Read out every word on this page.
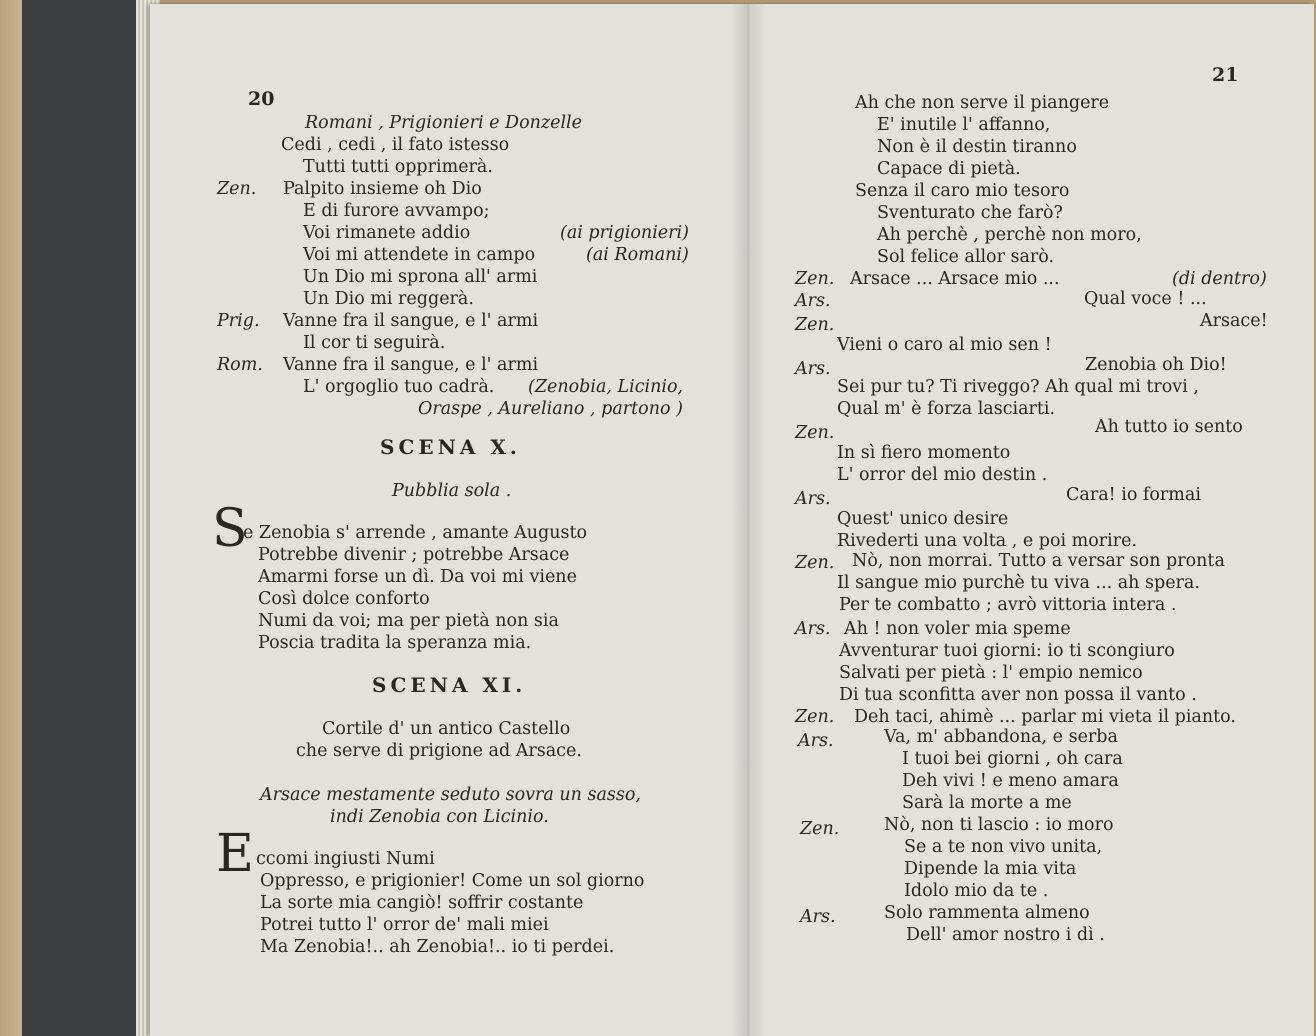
20
Romani , Prigionieri e Donzelle
Cedi , cedi , il fato istesso
Tutti tutti opprimerà.
Zen. Palpito insieme oh Dio
E di furore avvampo;
Voi rimanete addio	(ai prigionieri)
Voi mi attendete in campo	(ai Romani)
Un Dio mi sprona all' armi
Un Dio mi reggerà.
Prig. Vanne fra il sangue, e l' armi
Il cor ti seguirà.
Rom. Vanne fra il sangue, e l' armi
L' orgoglio tuo cadrà. (Zenobia, Licinio,
Oraspe , Aureliano , partono )
SCENA X.
Pubblia sola .
S
e Zenobia s' arrende , amante Augusto
Potrebbe divenir ; potrebbe Arsace
Amarmi forse un dì. Da voi mi viene
Così dolce conforto
Numi da voi; ma per pietà non sia
Poscia tradita la speranza mia.
SCENA XI.
Cortile d' un antico Castello
che serve di prigione ad Arsace.
Arsace mestamente seduto sovra un sasso,
indi Zenobia con Licinio.
E ccomi ingiusti Numi
Oppresso, e prigionier! Come un sol giorno
La sorte mia cangiò! soffrir costante
Potrei tutto l' orror de' mali miei
Ma Zenobia!.. ah Zenobia!.. io ti perdei.
21
Ah che non serve il piangere
E' inutile l' affanno,
Non è il destin tiranno
Capace di pietà.
Senza il caro mio tesoro
Sventurato che farò?
Ah perchè , perchè non moro,
Sol felice allor sarò.
Zen. Arsace ... Arsace mio ...	(di dentro)
Ars.	Qual voce ! ...
Zen.	Arsace!
Vieni o caro al mio sen !
Ars.	Zenobia oh Dio!
Sei pur tu? Ti riveggo? Ah qual mi trovi ,
Qual m' è forza lasciarti.
Zen.	Ah tutto io sento
In sì fiero momento
L' orror del mio destin .
Ars.	Cara! io formai
Quest' unico desire
Rivederti una volta , e poi morire.
Zen. Nò, non morrai. Tutto a versar son pronta
Il sangue mio purchè tu viva ... ah spera.
Per te combatto ; avrò vittoria intera .
Ars. Ah ! non voler mia speme
Avventurar tuoi giorni: io ti scongiuro
Salvati per pietà : l' empio nemico
Di tua sconfitta aver non possa il vanto .
Zen. Deh taci, ahimè ... parlar mi vieta il pianto.
Ars.	Va, m' abbandona, e serba
I tuoi bei giorni , oh cara
Deh vivi ! e meno amara
Sarà la morte a me
Zen.	Nò, non ti lascio : io moro
Se a te non vivo unita,
Dipende la mia vita
Idolo mio da te .
Ars.	Solo rammenta almeno
Dell' amor nostro i dì .
